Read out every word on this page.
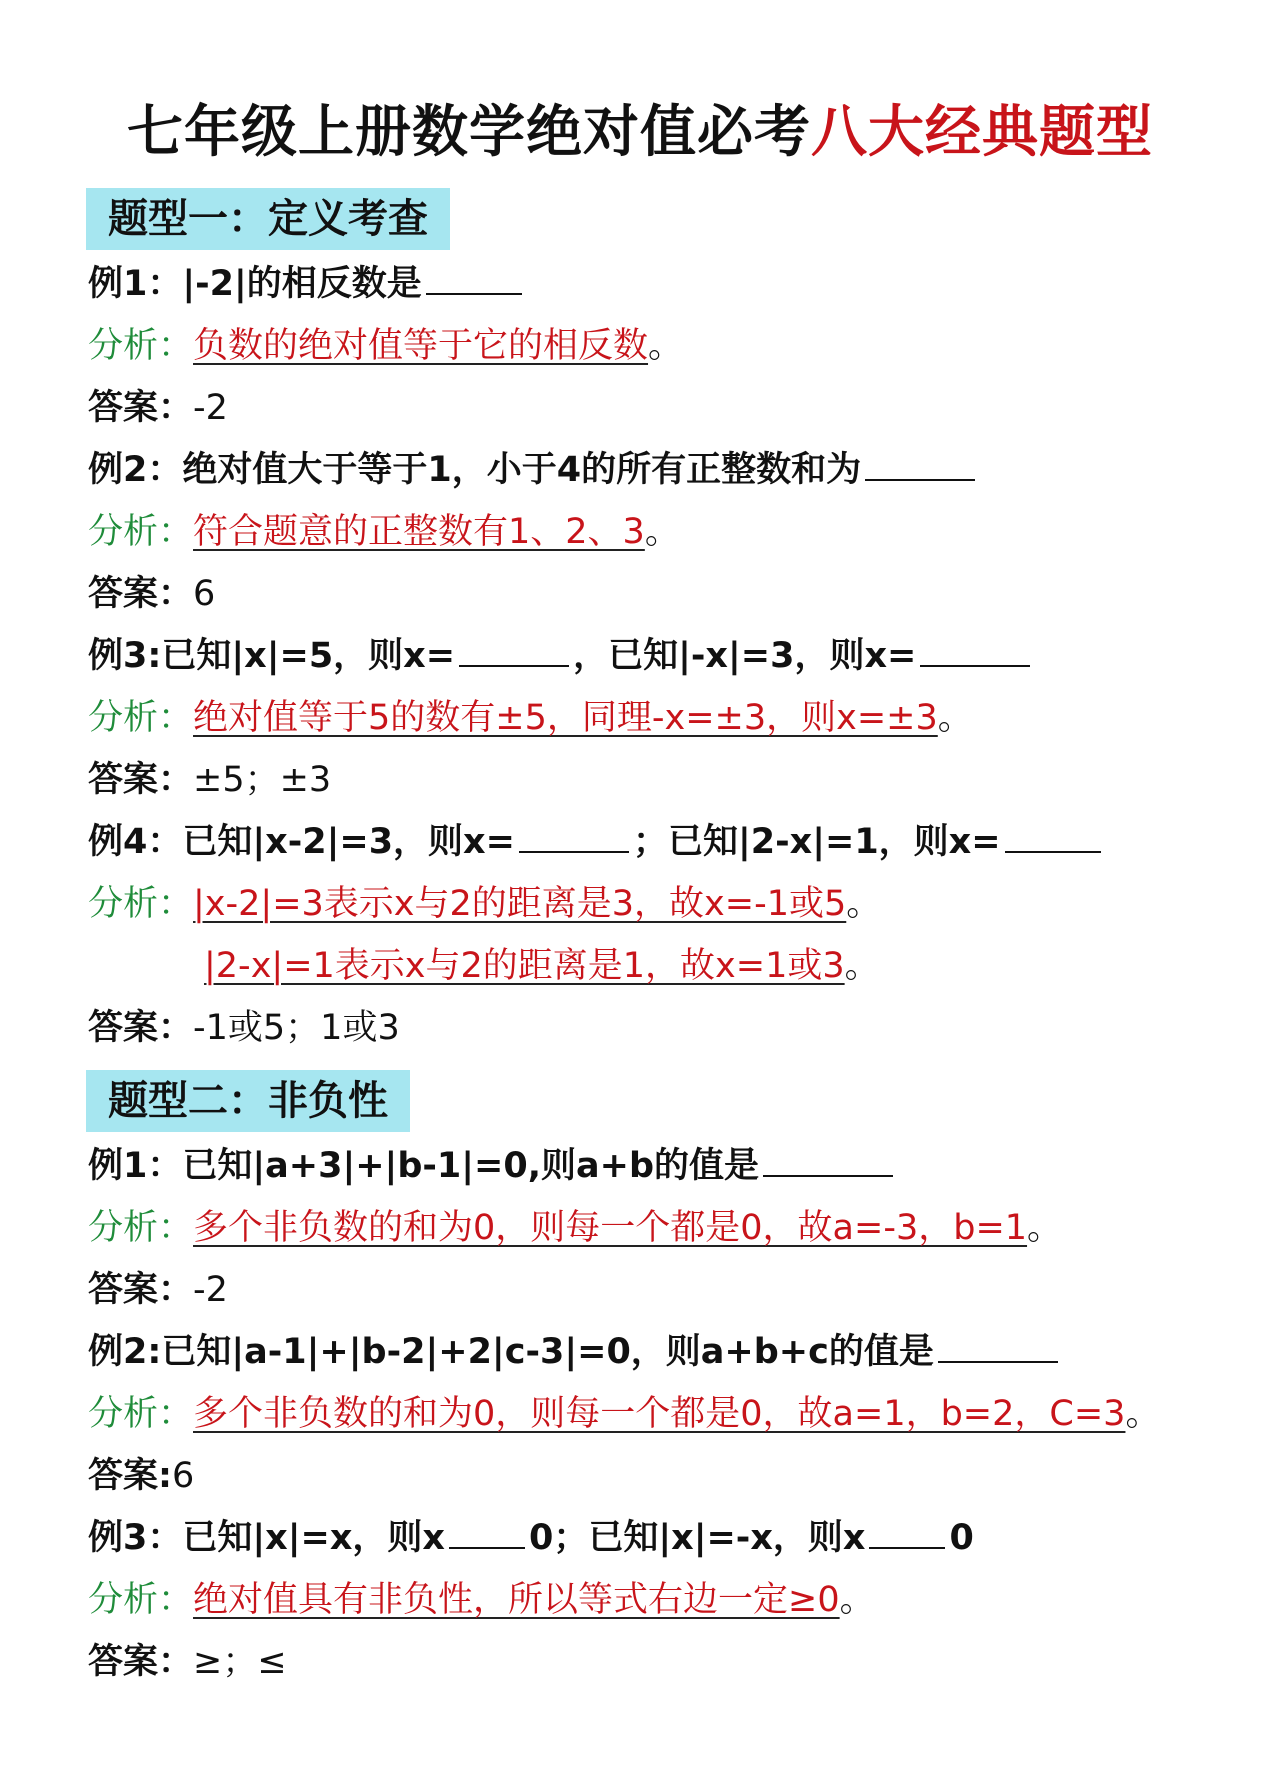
七年级上册数学绝对值必考八大经典题型
题型一：定义考查
例1：|-2|的相反数是
分析：负数的绝对值等于它的相反数。
答案：-2
例2：绝对值大于等于1，小于4的所有正整数和为
分析：符合题意的正整数有1、2、3。
答案：6
例3:已知|x|=5，则x=	，已知|-x|=3，则x=
分析：绝对值等于5的数有±5，同理-x=±3，则x=±3。
答案：±5；±3
例4：已知|x-2|=3，则x=	；已知|2-x|=1，则x=
分析：|x-2|=3表示x与2的距离是3，故x=-1或5。
|2-x|=1表示x与2的距离是1，故x=1或3。
答案：-1或5；1或3
题型二：非负性
例1：已知|a+3|+|b-1|=0,则a+b的值是
分析：多个非负数的和为0，则每一个都是0，故a=-3，b=1。
答案：-2
例2:已知|a-1|+|b-2|+2|c-3|=0，则a+b+c的值是
分析：多个非负数的和为0，则每一个都是0，故a=1，b=2，C=3。
答案:6
例3：已知|x|=x，则x 0；已知|x|=-x，则x 0
分析：绝对值具有非负性，所以等式右边一定≥0。
答案：≥；≤
